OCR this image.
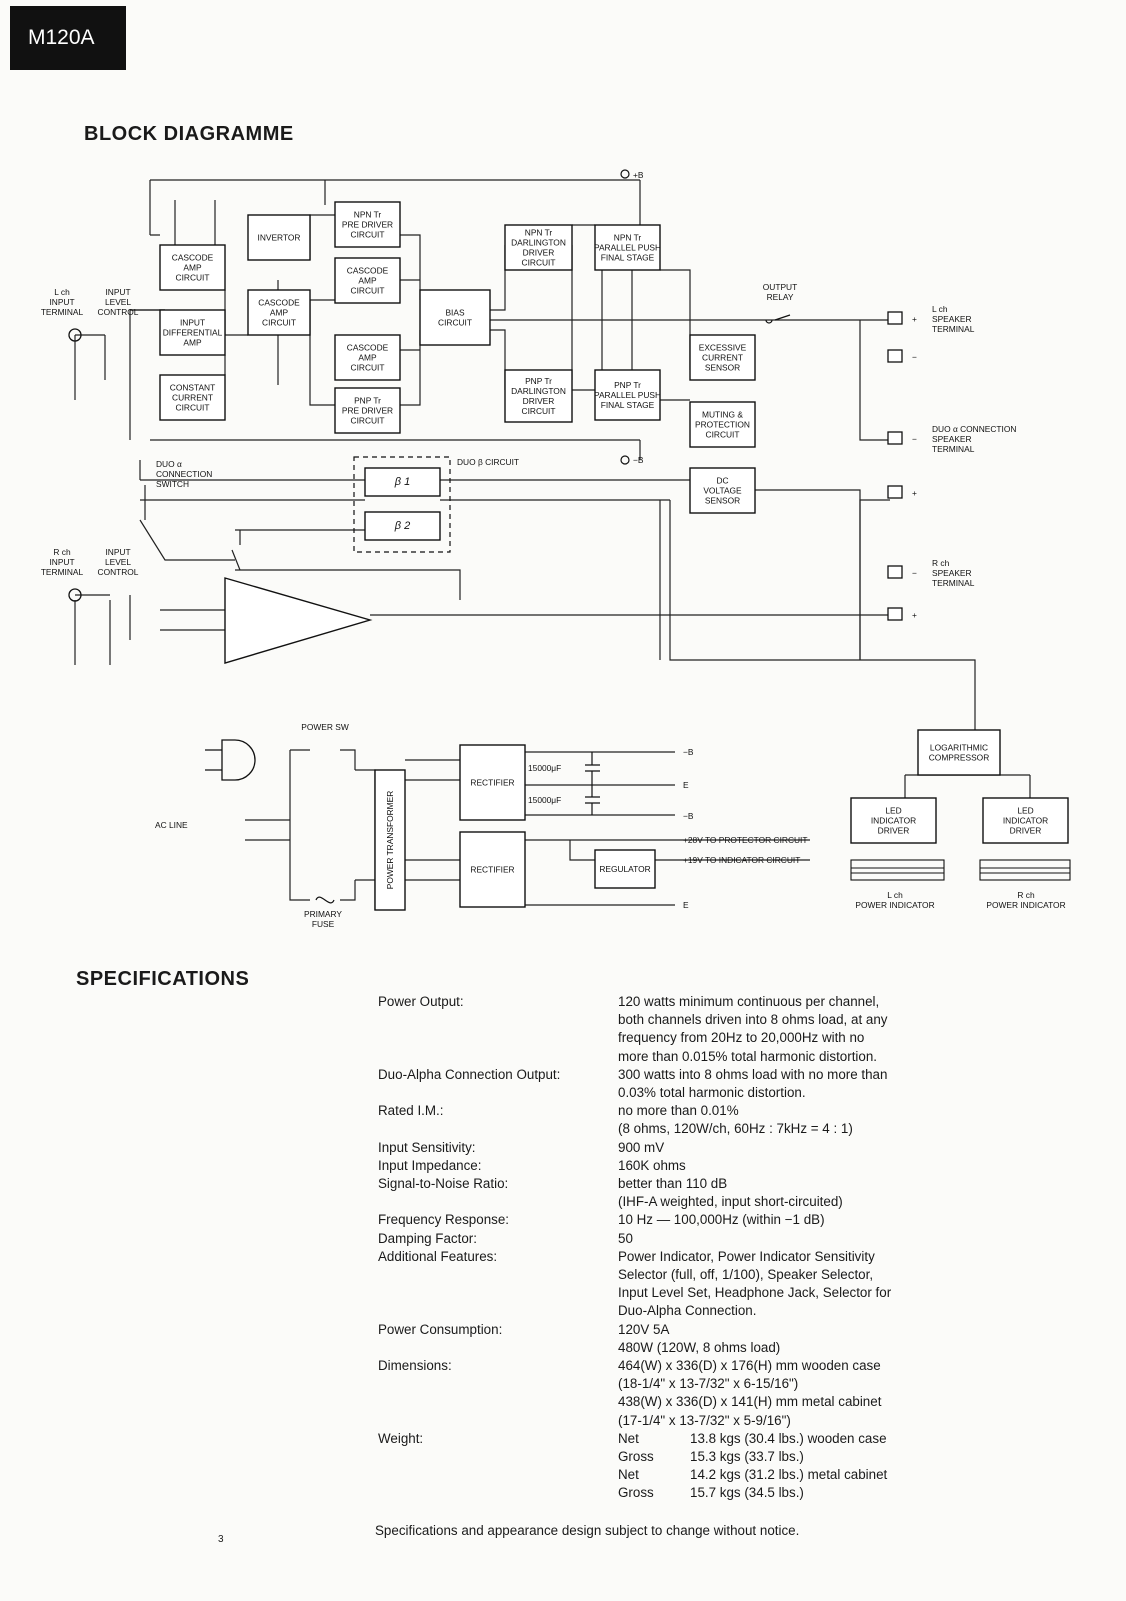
M120A
BLOCK DIAGRAMME
CASCODE
AMP
CIRCUIT
INPUT
DIFFERENTIAL
AMP
CONSTANT
CURRENT
CIRCUIT
INVERTOR
CASCODE
AMP
CIRCUIT
NPN Tr
PRE DRIVER
CIRCUIT
CASCODE
AMP
CIRCUIT
CASCODE
AMP
CIRCUIT
PNP Tr
PRE DRIVER
CIRCUIT
BIAS
CIRCUIT
NPN Tr
DARLINGTON
DRIVER
CIRCUIT
NPN Tr
PARALLEL PUSH
FINAL STAGE
PNP Tr
DARLINGTON
DRIVER
CIRCUIT
PNP Tr
PARALLEL PUSH
FINAL STAGE
EXCESSIVE
CURRENT
SENSOR
MUTING &
PROTECTION
CIRCUIT
DC
VOLTAGE
SENSOR
β 1
β 2
RECTIFIER
RECTIFIER	REGULATOR
LOGARITHMIC
COMPRESSOR
LED
INDICATOR
DRIVER
LED
INDICATOR
DRIVER
POWER TRANSFORMER
+B
−B
L ch
INPUT
TERMINAL
INPUT
LEVEL
CONTROL
R ch
INPUT
TERMINAL
INPUT
LEVEL
CONTROL
OUTPUT
RELAY
L ch
SPEAKER
TERMINAL
DUO α CONNECTION
SPEAKER
TERMINAL
R ch
SPEAKER
TERMINAL
DUO α
CONNECTION
SWITCH
DUO β CIRCUIT
POWER SW
AC LINE
PRIMARY
FUSE
15000μF
15000μF
−B
E
−B
+28V TO PROTECTOR CIRCUIT
+19V TO INDICATOR CIRCUIT
E
L ch
POWER INDICATOR
R ch
POWER INDICATOR
+
−
−
+
−
+
SPECIFICATIONS
Power Output:	120 watts minimum continuous per channel,
both channels driven into 8 ohms load, at any
frequency from 20Hz to 20,000Hz with no
more than 0.015% total harmonic distortion.
Duo-Alpha Connection Output:	300 watts into 8 ohms load with no more than
0.03% total harmonic distortion.
Rated I.M.:	no more than 0.01%
(8 ohms, 120W/ch, 60Hz : 7kHz = 4 : 1)
Input Sensitivity:	900 mV
Input Impedance:	160K ohms
Signal-to-Noise Ratio:	better than 110 dB
(IHF-A weighted, input short-circuited)
Frequency Response:	10 Hz — 100,000Hz (within −1 dB)
Damping Factor:	50
Additional Features:	Power Indicator, Power Indicator Sensitivity
Selector (full, off, 1/100), Speaker Selector,
Input Level Set, Headphone Jack, Selector for
Duo-Alpha Connection.
Power Consumption:	120V 5A
480W (120W, 8 ohms load)
Dimensions:	464(W) x 336(D) x 176(H) mm wooden case
(18-1/4" x 13-7/32" x 6-15/16")
438(W) x 336(D) x 141(H) mm metal cabinet
(17-1/4" x 13-7/32" x 5-9/16")
Weight:	Net	13.8 kgs (30.4 lbs.) wooden case
Gross	15.3 kgs (33.7 lbs.)
Net	14.2 kgs (31.2 lbs.) metal cabinet
Gross	15.7 kgs (34.5 lbs.)
Specifications and appearance design subject to change without notice.
3
